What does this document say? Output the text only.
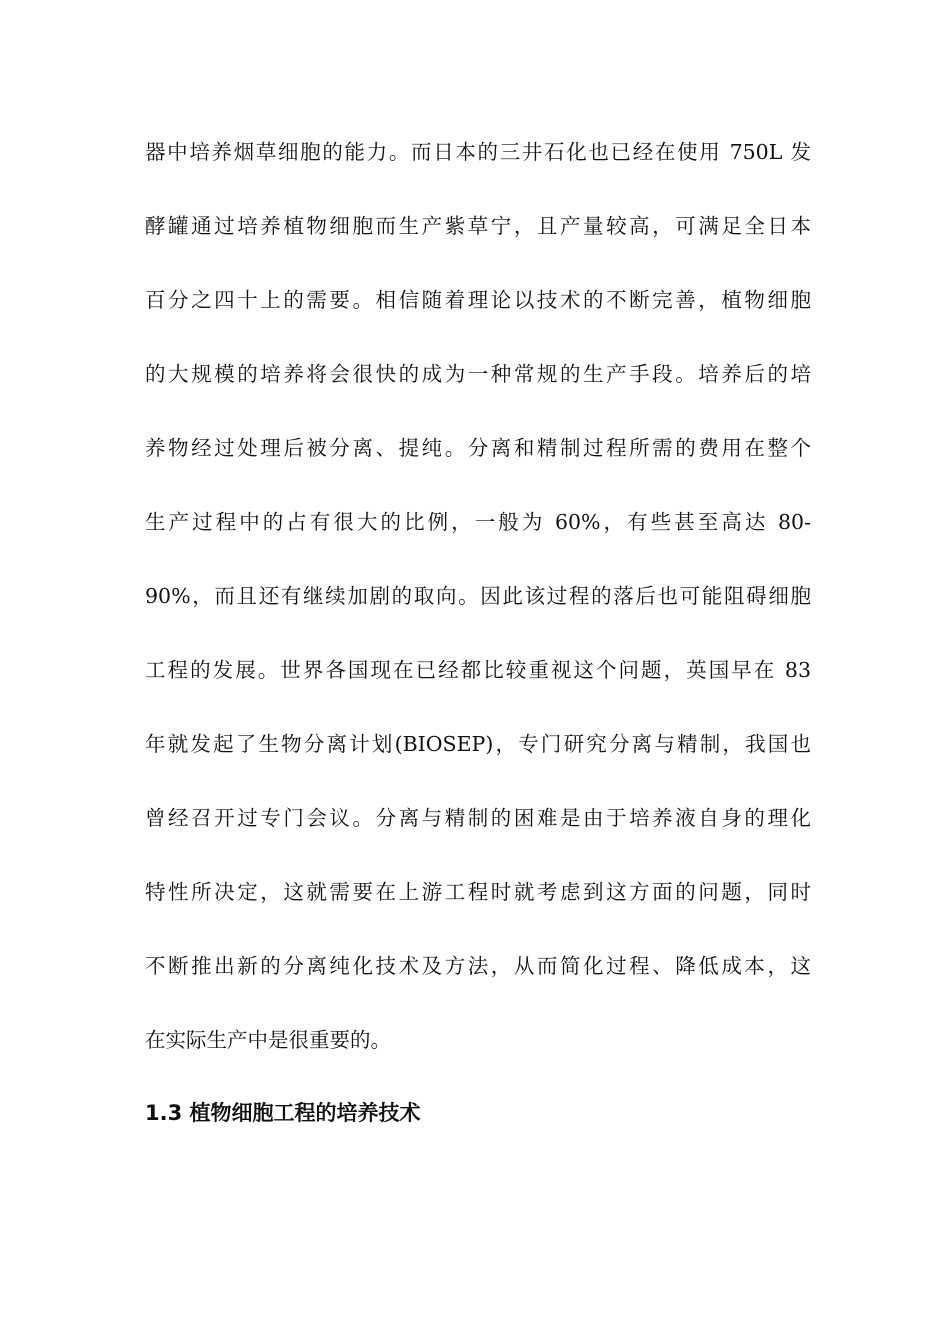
器中培养烟草细胞的能力。而日本的三井石化也已经在使用 750L 发
酵罐通过培养植物细胞而生产紫草宁，且产量较高，可满足全日本
百分之四十上的需要。相信随着理论以技术的不断完善，植物细胞
的大规模的培养将会很快的成为一种常规的生产手段。培养后的培
养物经过处理后被分离、提纯。分离和精制过程所需的费用在整个
生产过程中的占有很大的比例，一般为 60%，有些甚至高达 80-
90%，而且还有继续加剧的取向。因此该过程的落后也可能阻碍细胞
工程的发展。世界各国现在已经都比较重视这个问题，英国早在 83
年就发起了生物分离计划(BIOSEP)，专门研究分离与精制，我国也
曾经召开过专门会议。分离与精制的困难是由于培养液自身的理化
特性所决定，这就需要在上游工程时就考虑到这方面的问题，同时
不断推出新的分离纯化技术及方法，从而简化过程、降低成本，这
在实际生产中是很重要的。
1.3 植物细胞工程的培养技术
